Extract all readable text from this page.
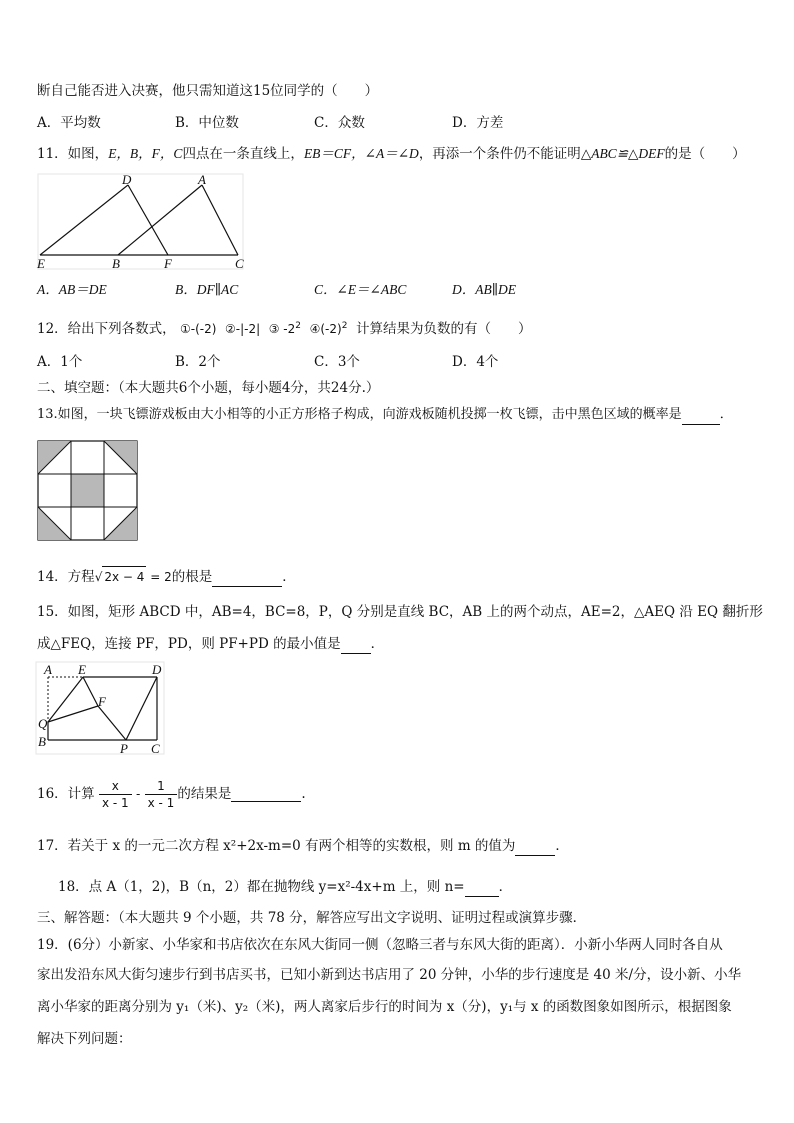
断自己能否进入决赛，他只需知道这15位同学的（　　）
A．平均数	B．中位数	C．众数	D．方差
11．如图，E，B，F，C四点在一条直线上，EB＝CF，∠A＝∠D，再添一个条件仍不能证明△ABC≌△DEF的是（　　）
D	A
E	B	F	C
A．AB＝DE	B．DF∥AC	C．∠E＝∠ABC	D．AB∥DE
12．给出下列各数式， ①-(-2) ②-|-2| ③ $-2^2$ $④(-2)^2$ 计算结果为负数的有（　　）
A．1个	B．2个	C．3个	D．4个
二、填空题：（本大题共6个小题，每小题4分，共24分.）
13.如图，一块飞镖游戏板由大小相等的小正方形格子构成，向游戏板随机投掷一枚飞镖，击中黑色区域的概率是	．
14．方程√ 2x − 4 = 2的根是	．
15．如图，矩形 ABCD 中，AB=4，BC=8，P，Q 分别是直线 BC，AB 上的两个动点，AE=2，△AEQ 沿 EQ 翻折形
成△FEQ，连接 PF，PD，则 PF+PD 的最小值是 ．
A E	D
F
Q
B	P C
16．计算 $\frac{x}{x - 1} - \frac{1}{x - 1}$ 的结果是	.
17．若关于 x 的一元二次方程 x²+2x-m=0 有两个相等的实数根，则 m 的值为	．
18．点 A（1，2)，B（n，2）都在抛物线 y=x²-4x+m 上，则 n=	．
三、解答题：（本大题共 9 个小题，共 78 分，解答应写出文字说明、证明过程或演算步骤．
19．(6分）小新家、小华家和书店依次在东风大街同一侧（忽略三者与东风大街的距离）．小新小华两人同时各自从
家出发沿东风大街匀速步行到书店买书，已知小新到达书店用了 20 分钟，小华的步行速度是 40 米/分，设小新、小华
离小华家的距离分别为 y₁（米)、y₂（米)，两人离家后步行的时间为 x（分)，y₁与 x 的函数图象如图所示，根据图象
解决下列问题：
